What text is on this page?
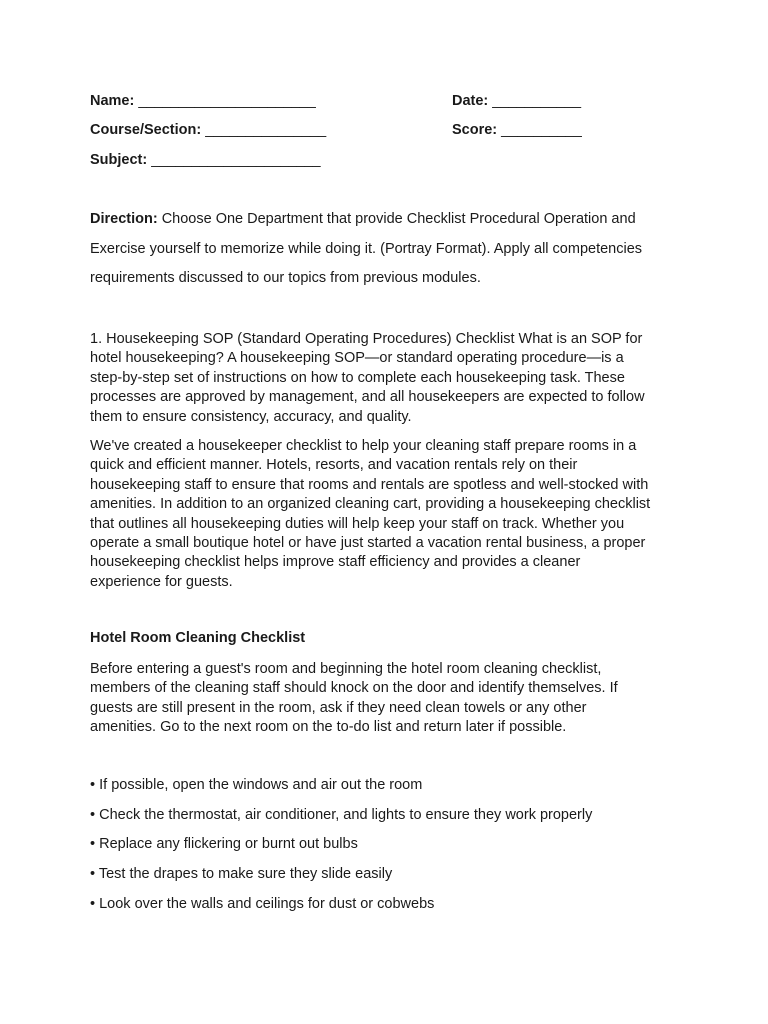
Name: ______________________	Date: ___________
Course/Section: _______________	Score: __________
Subject: _____________________
Direction: Choose One Department that provide Checklist Procedural Operation and
Exercise yourself to memorize while doing it. (Portray Format). Apply all competencies
requirements discussed to our topics from previous modules.
1. Housekeeping SOP (Standard Operating Procedures) Checklist What is an SOP for
hotel housekeeping? A housekeeping SOP—or standard operating procedure—is a
step-by-step set of instructions on how to complete each housekeeping task. These
processes are approved by management, and all housekeepers are expected to follow
them to ensure consistency, accuracy, and quality.
We've created a housekeeper checklist to help your cleaning staff prepare rooms in a
quick and efficient manner. Hotels, resorts, and vacation rentals rely on their
housekeeping staff to ensure that rooms and rentals are spotless and well-stocked with
amenities. In addition to an organized cleaning cart, providing a housekeeping checklist
that outlines all housekeeping duties will help keep your staff on track. Whether you
operate a small boutique hotel or have just started a vacation rental business, a proper
housekeeping checklist helps improve staff efficiency and provides a cleaner
experience for guests.
Hotel Room Cleaning Checklist
Before entering a guest's room and beginning the hotel room cleaning checklist,
members of the cleaning staff should knock on the door and identify themselves. If
guests are still present in the room, ask if they need clean towels or any other
amenities. Go to the next room on the to-do list and return later if possible.
• If possible, open the windows and air out the room
• Check the thermostat, air conditioner, and lights to ensure they work properly
• Replace any flickering or burnt out bulbs
• Test the drapes to make sure they slide easily
• Look over the walls and ceilings for dust or cobwebs
